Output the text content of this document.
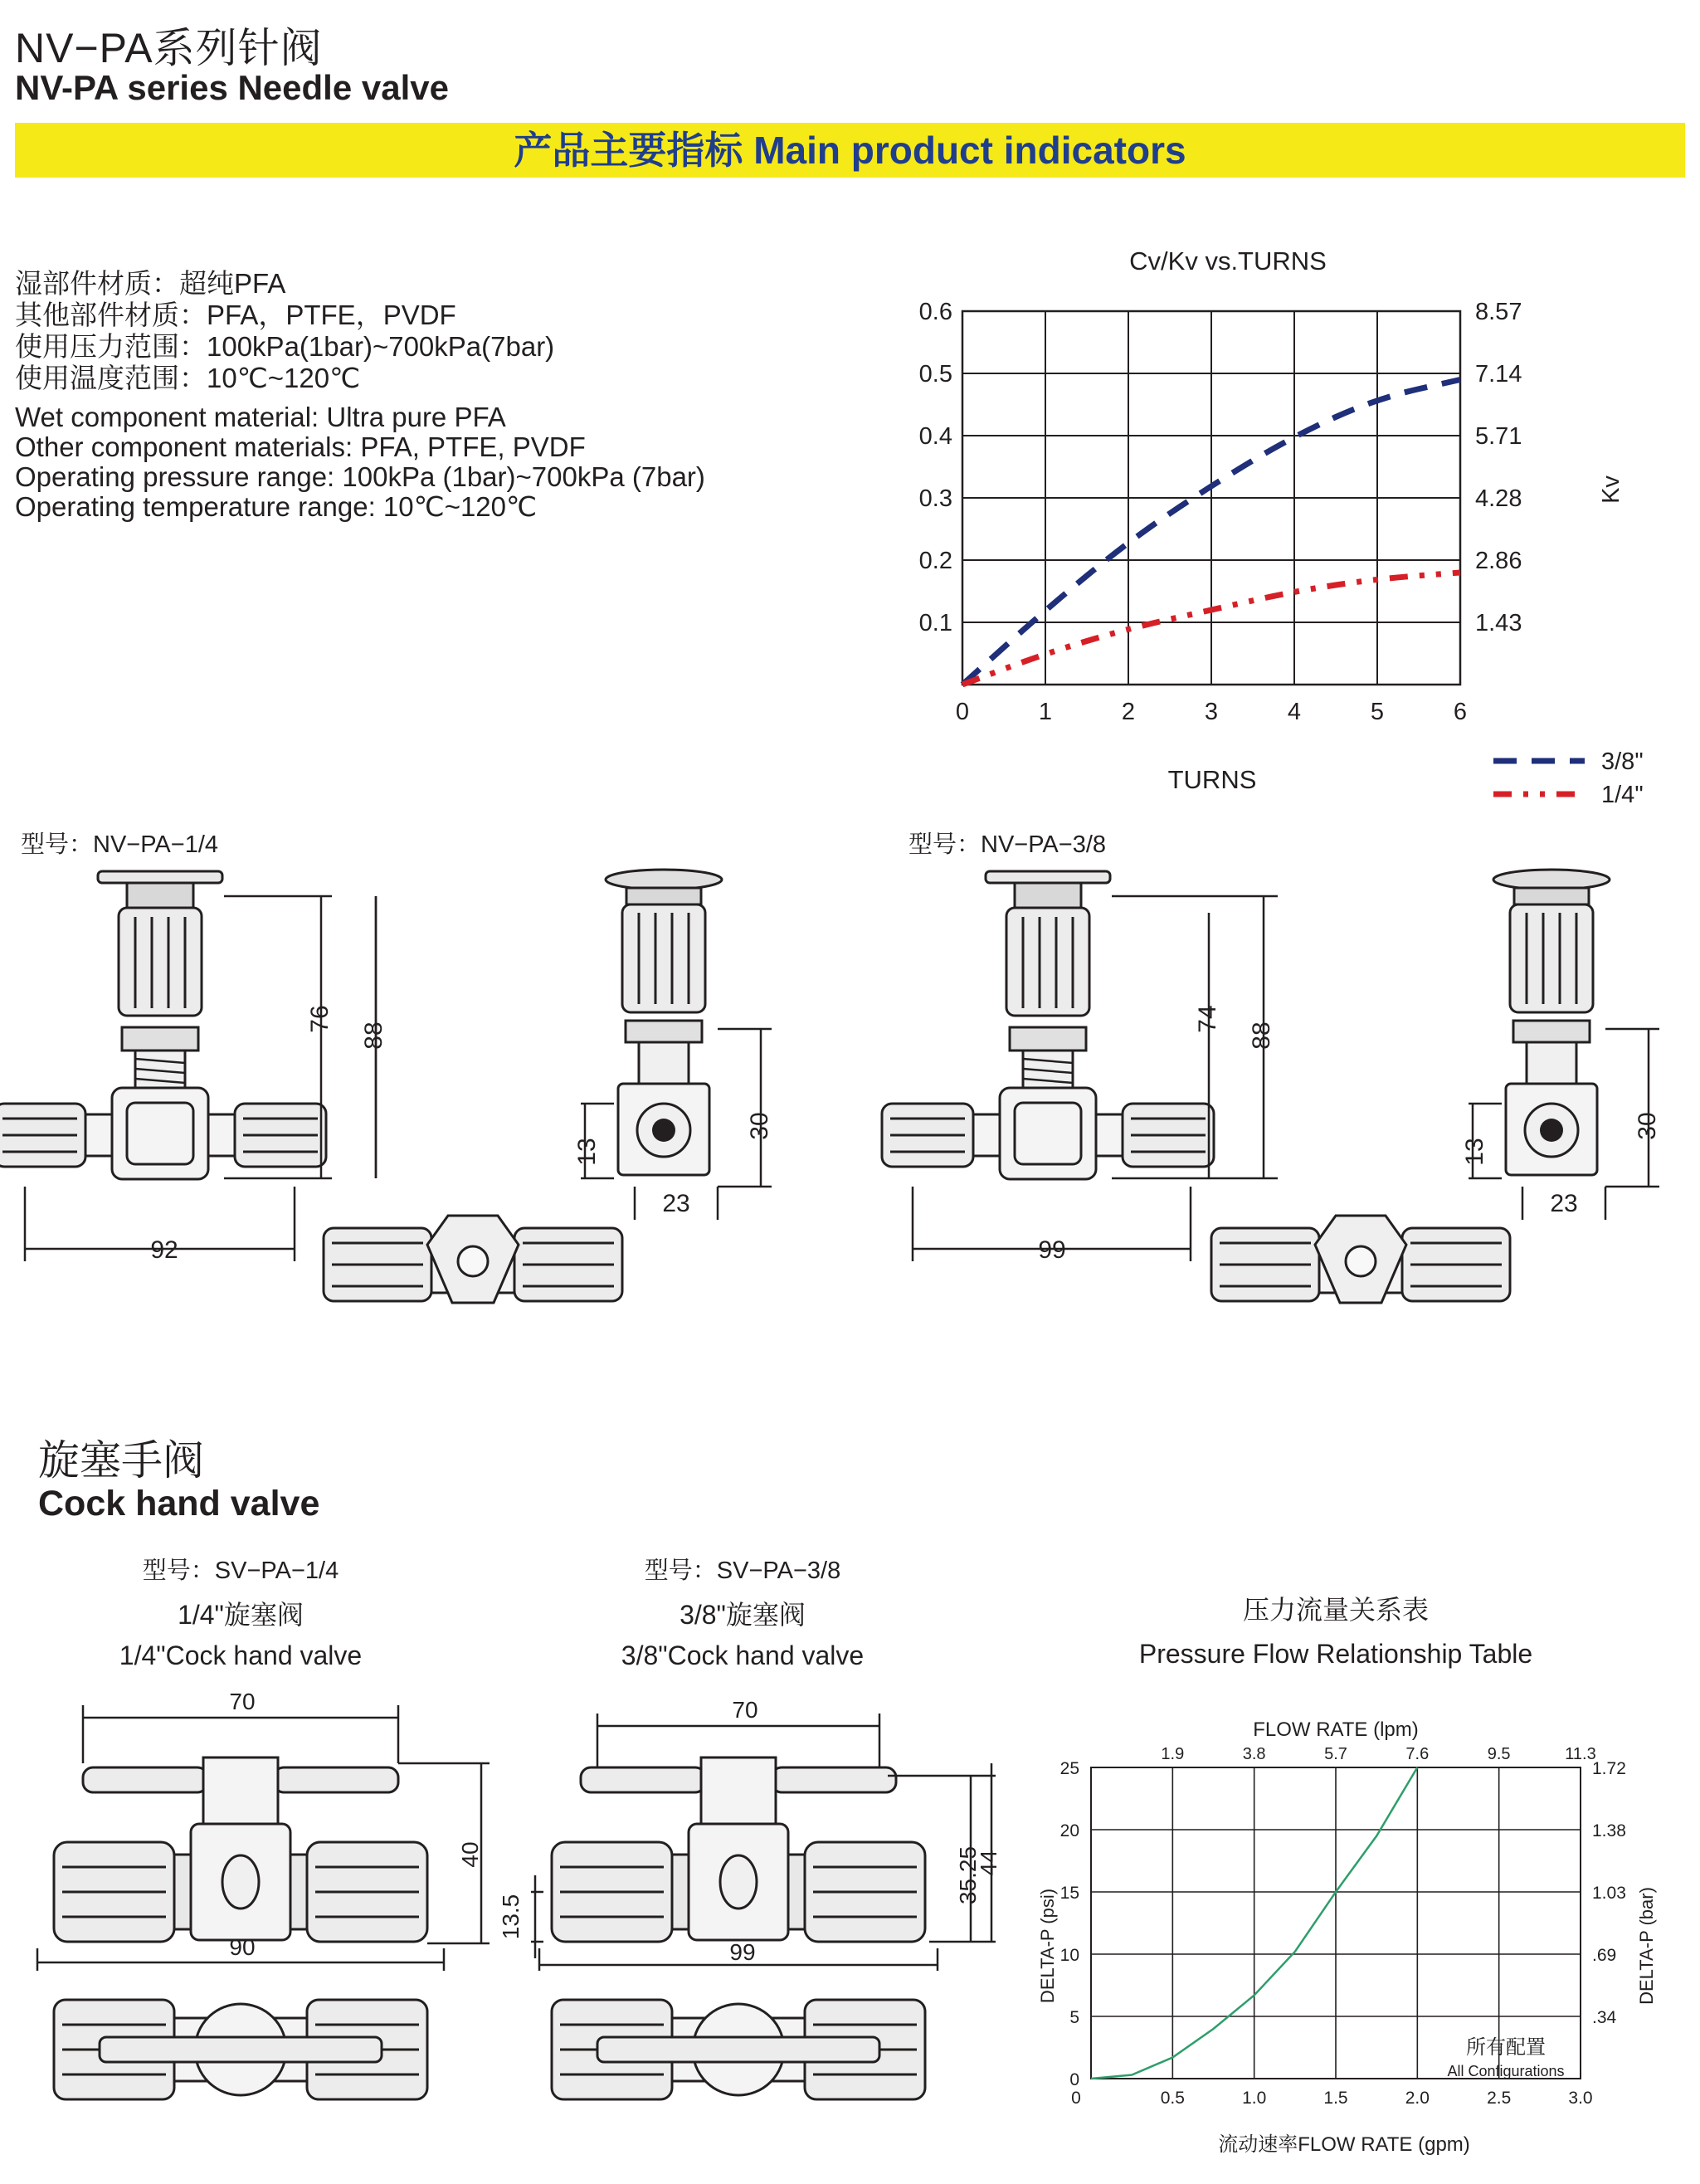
NV−PA系列针阀
NV-PA series Needle valve
产品主要指标 Main product indicators
湿部件材质：超纯PFA
其他部件材质：PFA，PTFE，PVDF
使用压力范围：100kPa(1bar)~700kPa(7bar)
使用温度范围：10℃~120℃
Wet component material: Ultra pure PFA
Other component materials: PFA, PTFE, PVDF
Operating pressure range: 100kPa (1bar)~700kPa (7bar)
Operating temperature range: 10℃~120℃
Cv/Kv vs.TURNS
0.6
0.5
0.4
0.3
0.2
0.1
8.57
7.14
5.71
4.28
2.86
1.43
0	1	2	3	4	5	6
TURNS
Kv
3/8"
1/4"
型号：NV−PA−1/4	型号：NV−PA−3/8
76
88
92
13
30
23
74
88
99
13
30
23
旋塞手阀
Cock hand valve
型号：SV−PA−1/4
1/4"旋塞阀
1/4"Cock hand valve
型号：SV−PA−3/8
3/8"旋塞阀
3/8"Cock hand valve
压力流量关系表
Pressure Flow Relationship Table
70
40
90
70
35.25
44
13.5
99
FLOW RATE (lpm)
25
20
15
10
5
0
1.72
1.38
1.03
.69
.34
0.5	1.0	1.5	2.0	2.5	3.0
0
1.9	3.8	5.7	7.6	9.5	11.3
流动速率FLOW RATE (gpm)
DELTA-P (psi)	DELTA-P (bar)
所有配置
All Configurations
